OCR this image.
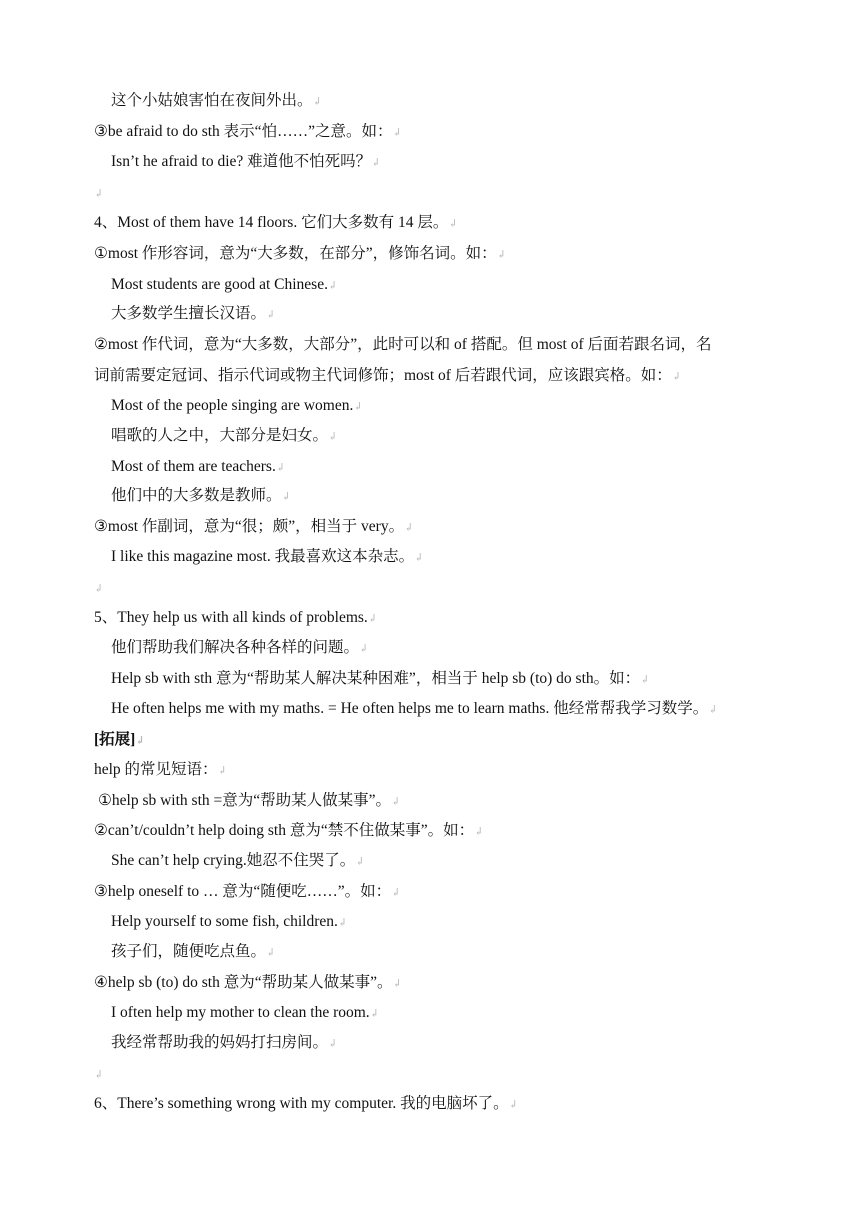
这个小姑娘害怕在夜间外出。↲
③be afraid to do sth 表示“怕……”之意。如：↲
Isn’t he afraid to die? 难道他不怕死吗？↲
↲
4、Most of them have 14 floors. 它们大多数有 14 层。↲
①most 作形容词，意为“大多数，在部分”，修饰名词。如：↲
Most students are good at Chinese.↲
大多数学生擅长汉语。↲
②most 作代词，意为“大多数，大部分”，此时可以和 of 搭配。但 most of 后面若跟名词，名
词前需要定冠词、指示代词或物主代词修饰；most of 后若跟代词，应该跟宾格。如：↲
Most of the people singing are women.↲
唱歌的人之中，大部分是妇女。↲
Most of them are teachers.↲
他们中的大多数是教师。↲
③most 作副词，意为“很；颇”，相当于 very。↲
I like this magazine most. 我最喜欢这本杂志。↲
↲
5、They help us with all kinds of problems.↲
他们帮助我们解决各种各样的问题。↲
Help sb with sth 意为“帮助某人解决某种困难”，相当于 help sb (to) do sth。如：↲
He often helps me with my maths. = He often helps me to learn maths. 他经常帮我学习数学。↲
[拓展]↲
help 的常见短语：↲
①help sb with sth =意为“帮助某人做某事”。↲
②can’t/couldn’t help doing sth 意为“禁不住做某事”。如：↲
She can’t help crying.她忍不住哭了。↲
③help oneself to … 意为“随便吃……”。如：↲
Help yourself to some fish, children.↲
孩子们，随便吃点鱼。↲
④help sb (to) do sth 意为“帮助某人做某事”。↲
I often help my mother to clean the room.↲
我经常帮助我的妈妈打扫房间。↲
↲
6、There’s something wrong with my computer. 我的电脑坏了。↲
